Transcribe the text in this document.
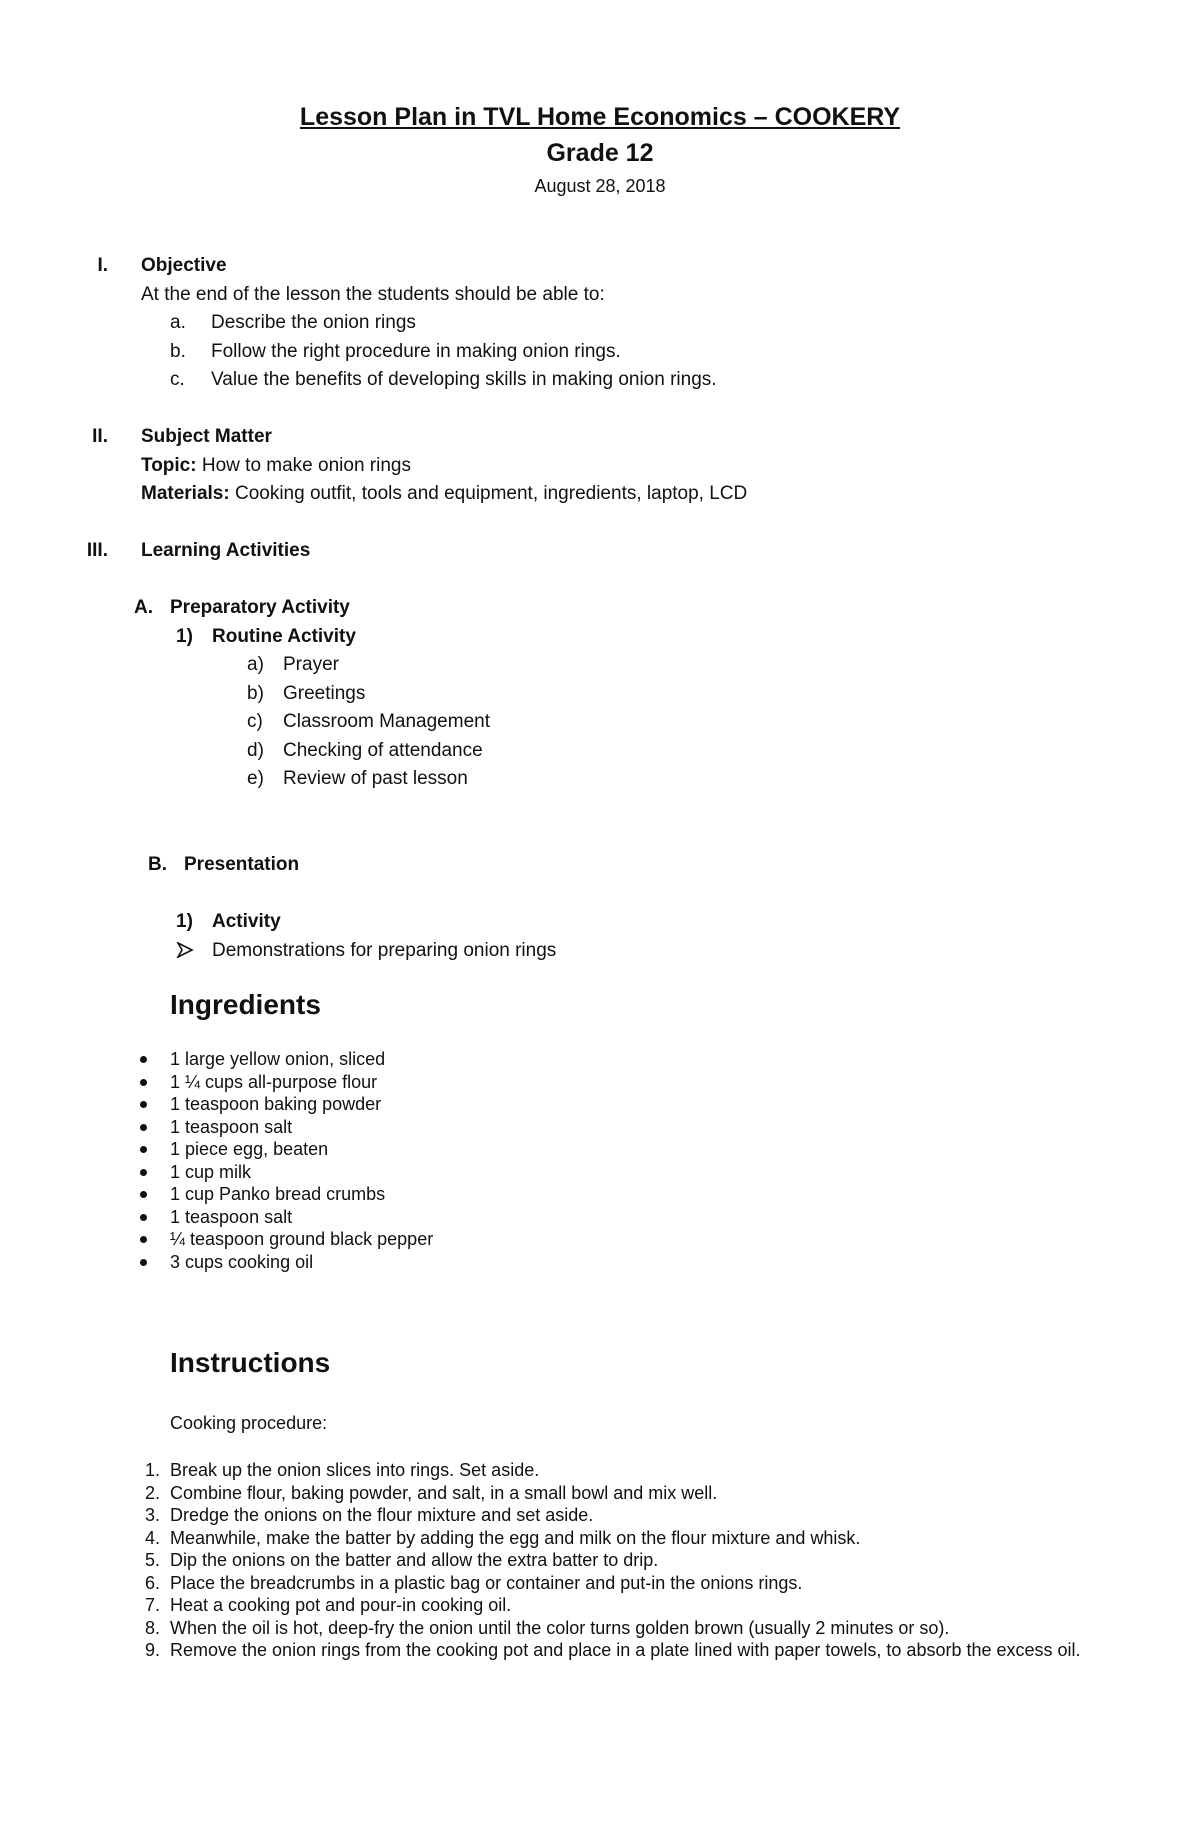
Lesson Plan in TVL Home Economics – COOKERY
Grade 12
August 28, 2018
I. Objective
At the end of the lesson the students should be able to:
a. Describe the onion rings
b. Follow the right procedure in making onion rings.
c. Value the benefits of developing skills in making onion rings.
II. Subject Matter
Topic: How to make onion rings
Materials: Cooking outfit, tools and equipment, ingredients, laptop, LCD
III. Learning Activities
A. Preparatory Activity
1) Routine Activity
a) Prayer
b) Greetings
c) Classroom Management
d) Checking of attendance
e) Review of past lesson
B. Presentation
1) Activity
Demonstrations for preparing onion rings
Ingredients
1 large yellow onion, sliced
1 ¼ cups all-purpose flour
1 teaspoon baking powder
1 teaspoon salt
1 piece egg, beaten
1 cup milk
1 cup Panko bread crumbs
1 teaspoon salt
¼ teaspoon ground black pepper
3 cups cooking oil
Instructions
Cooking procedure:
1. Break up the onion slices into rings. Set aside.
2. Combine flour, baking powder, and salt, in a small bowl and mix well.
3. Dredge the onions on the flour mixture and set aside.
4. Meanwhile, make the batter by adding the egg and milk on the flour mixture and whisk.
5. Dip the onions on the batter and allow the extra batter to drip.
6. Place the breadcrumbs in a plastic bag or container and put-in the onions rings.
7. Heat a cooking pot and pour-in cooking oil.
8. When the oil is hot, deep-fry the onion until the color turns golden brown (usually 2 minutes or so).
9. Remove the onion rings from the cooking pot and place in a plate lined with paper towels, to absorb the excess oil.
